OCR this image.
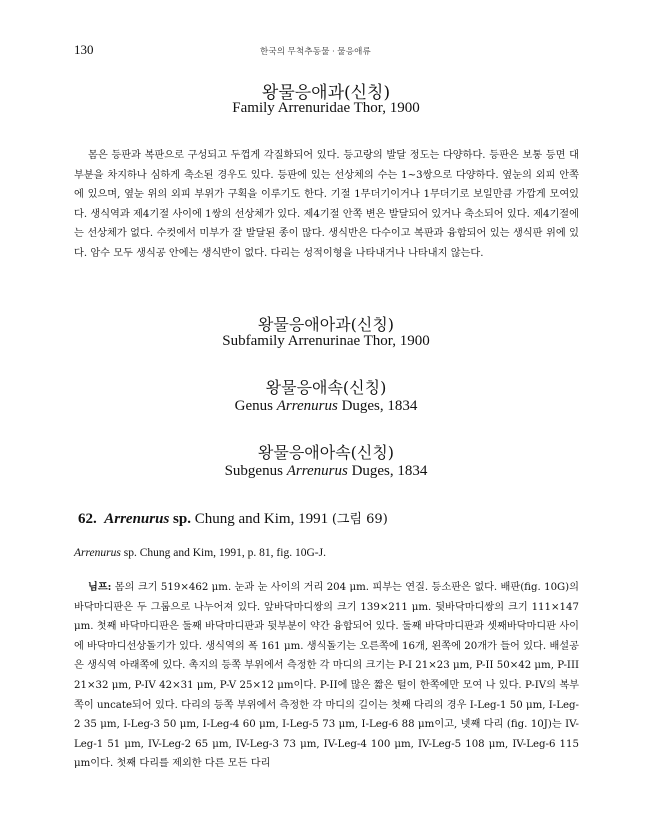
130	한국의 무척추동물 · 물응애류
왕물응애과(신칭)
Family Arrenuridae Thor, 1900

몸은 등판과 복판으로 구성되고 두껍게 각질화되어 있다. 등고랑의 발달 정도는 다양하다. 등판은 보통 등면 대부분을 차지하나 심하게 축소된 경우도 있다. 등판에 있는 선상체의 수는 1~3쌍으로 다양하다. 옆눈의 외피 안쪽에 있으며, 옆눈 위의 외피 부위가 구획을 이루기도 한다. 기절 1무더기이거나 1무더기로 보일만큼 가깝게 모여있다. 생식역과 제4기절 사이에 1쌍의 선상체가 있다. 제4기절 안쪽 변은 발달되어 있거나 축소되어 있다. 제4기절에는 선상체가 없다. 수컷에서 미부가 잘 발달된 종이 많다. 생식반은 다수이고 복판과 융합되어 있는 생식판 위에 있다. 암수 모두 생식공 안에는 생식반이 없다. 다리는 성적이형을 나타내거나 나타내지 않는다.

왕물응애아과(신칭)
Subfamily Arrenurinae Thor, 1900
왕물응애속(신칭)
Genus Arrenurus Duges, 1834
왕물응애아속(신칭)
Subgenus Arrenurus Duges, 1834
62. Arrenurus sp. Chung and Kim, 1991 (그림 69)
Arrenurus sp. Chung and Kim, 1991, p. 81, fig. 10G-J.

님프: 몸의 크기 519×462 μm. 눈과 눈 사이의 거리 204 μm. 피부는 연질. 등소판은 없다. 배판(fig. 10G)의 바닥마디판은 두 그룹으로 나누어져 있다. 앞바닥마디쌍의 크기 139×211 μm. 뒷바닥마디쌍의 크기 111×147 μm. 첫째 바닥마디판은 둘째 바닥마디판과 뒷부분이 약간 융합되어 있다. 둘째 바닥마디판과 셋째바닥마디판 사이에 바닥마디선상돌기가 있다. 생식역의 폭 161 μm. 생식돌기는 오른쪽에 16개, 왼쪽에 20개가 들어 있다. 배설공은 생식역 아래쪽에 있다. 촉지의 등쪽 부위에서 측정한 각 마디의 크기는 P-I 21×23 μm, P-II 50×42 μm, P-III 21×32 μm, P-IV 42×31 μm, P-V 25×12 μm이다. P-II에 많은 짧은 털이 한쪽에만 모여 나 있다. P-IV의 복부쪽이 uncate되어 있다. 다리의 등쪽 부위에서 측정한 각 마디의 길이는 첫째 다리의 경우 I-Leg-1 50 μm, I-Leg-2 35 μm, I-Leg-3 50 μm, I-Leg-4 60 μm, I-Leg-5 73 μm, I-Leg-6 88 μm이고, 넷째 다리 (fig. 10J)는 IV-Leg-1 51 μm, IV-Leg-2 65 μm, IV-Leg-3 73 μm, IV-Leg-4 100 μm, IV-Leg-5 108 μm, IV-Leg-6 115 μm이다. 첫째 다리를 제외한 다른 모든 다리
